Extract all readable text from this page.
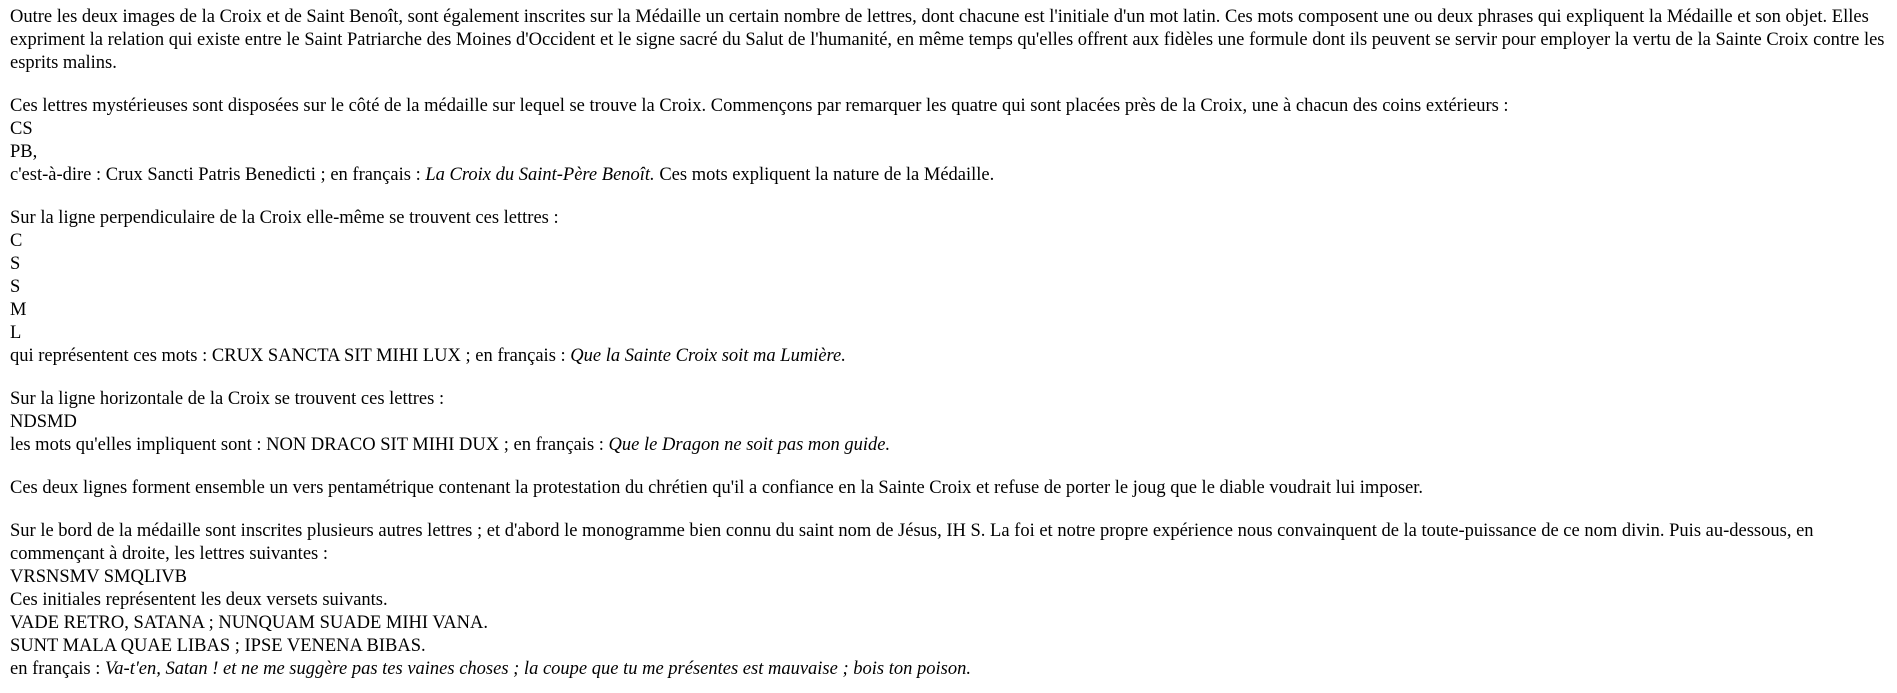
Outre les deux images de la Croix et de Saint Benoît, sont également inscrites sur la Médaille un certain nombre de lettres, dont chacune est l'initiale d'un mot latin. Ces mots composent une ou deux phrases qui expliquent la Médaille et son objet. Elles expriment la relation qui existe entre le Saint Patriarche des Moines d'Occident et le signe sacré du Salut de l'humanité, en même temps qu'elles offrent aux fidèles une formule dont ils peuvent se servir pour employer la vertu de la Sainte Croix contre les esprits malins.

Ces lettres mystérieuses sont disposées sur le côté de la médaille sur lequel se trouve la Croix. Commençons par remarquer les quatre qui sont placées près de la Croix, une à chacun des coins extérieurs :
CS
PB,
c'est-à-dire : Crux Sancti Patris Benedicti ; en français : La Croix du Saint-Père Benoît. Ces mots expliquent la nature de la Médaille.

Sur la ligne perpendiculaire de la Croix elle-même se trouvent ces lettres :
C
S
S
M
L
qui représentent ces mots : CRUX SANCTA SIT MIHI LUX ; en français : Que la Sainte Croix soit ma Lumière.

Sur la ligne horizontale de la Croix se trouvent ces lettres :
NDSMD
les mots qu'elles impliquent sont : NON DRACO SIT MIHI DUX ; en français : Que le Dragon ne soit pas mon guide.

Ces deux lignes forment ensemble un vers pentamétrique contenant la protestation du chrétien qu'il a confiance en la Sainte Croix et refuse de porter le joug que le diable voudrait lui imposer.

Sur le bord de la médaille sont inscrites plusieurs autres lettres ; et d'abord le monogramme bien connu du saint nom de Jésus, IH S. La foi et notre propre expérience nous convainquent de la toute-puissance de ce nom divin. Puis au-dessous, en commençant à droite, les lettres suivantes :
VRSNSMV SMQLIVB
Ces initiales représentent les deux versets suivants.
VADE RETRO, SATANA ; NUNQUAM SUADE MIHI VANA.
SUNT MALA QUAE LIBAS ; IPSE VENENA BIBAS.
en français : Va-t'en, Satan ! et ne me suggère pas tes vaines choses ; la coupe que tu me présentes est mauvaise ; bois ton poison.
